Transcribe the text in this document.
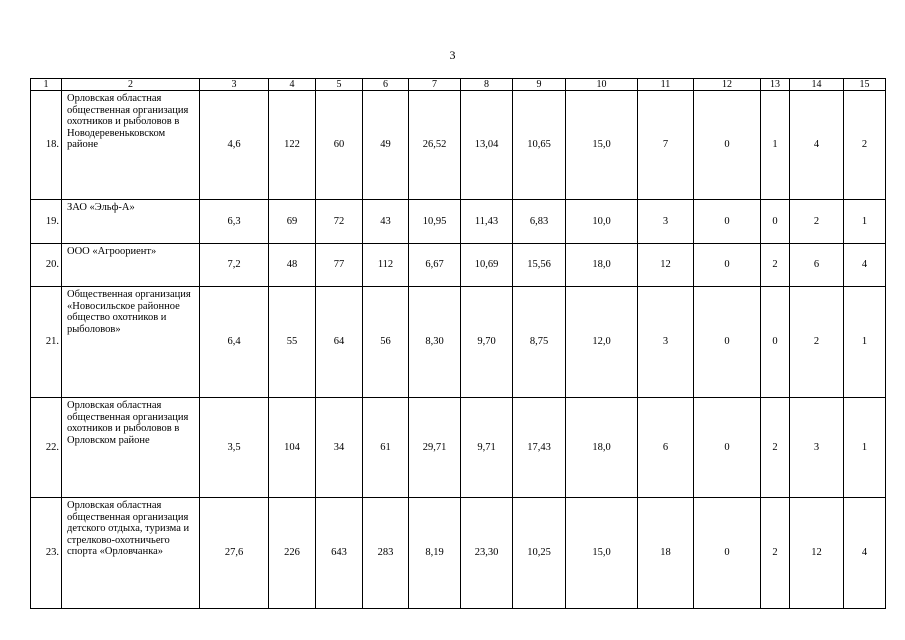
3
1	2	3	4	5	6	7	8	9	10	11	12	13	14	15
18.	Орловская областная общественная организация охотников и рыболовов в Новодеревеньковском районе	4,6	122	60	49	26,52	13,04	10,65	15,0	7	0	1	4	2
19.	ЗАО «Эльф-А»	6,3	69	72	43	10,95	11,43	6,83	10,0	3	0	0	2	1
20.	ООО «Агроориент»	7,2	48	77	112	6,67	10,69	15,56	18,0	12	0	2	6	4
21.	Общественная организация «Новосильское районное общество охотников и рыболовов»	6,4	55	64	56	8,30	9,70	8,75	12,0	3	0	0	2	1
22.	Орловская областная общественная организация охотников и рыболовов в Орловском районе	3,5	104	34	61	29,71	9,71	17,43	18,0	6	0	2	3	1
23.	Орловская областная общественная организация детского отдыха, туризма и стрелково-охотничьего спорта «Орловчанка»	27,6	226	643	283	8,19	23,30	10,25	15,0	18	0	2	12	4
